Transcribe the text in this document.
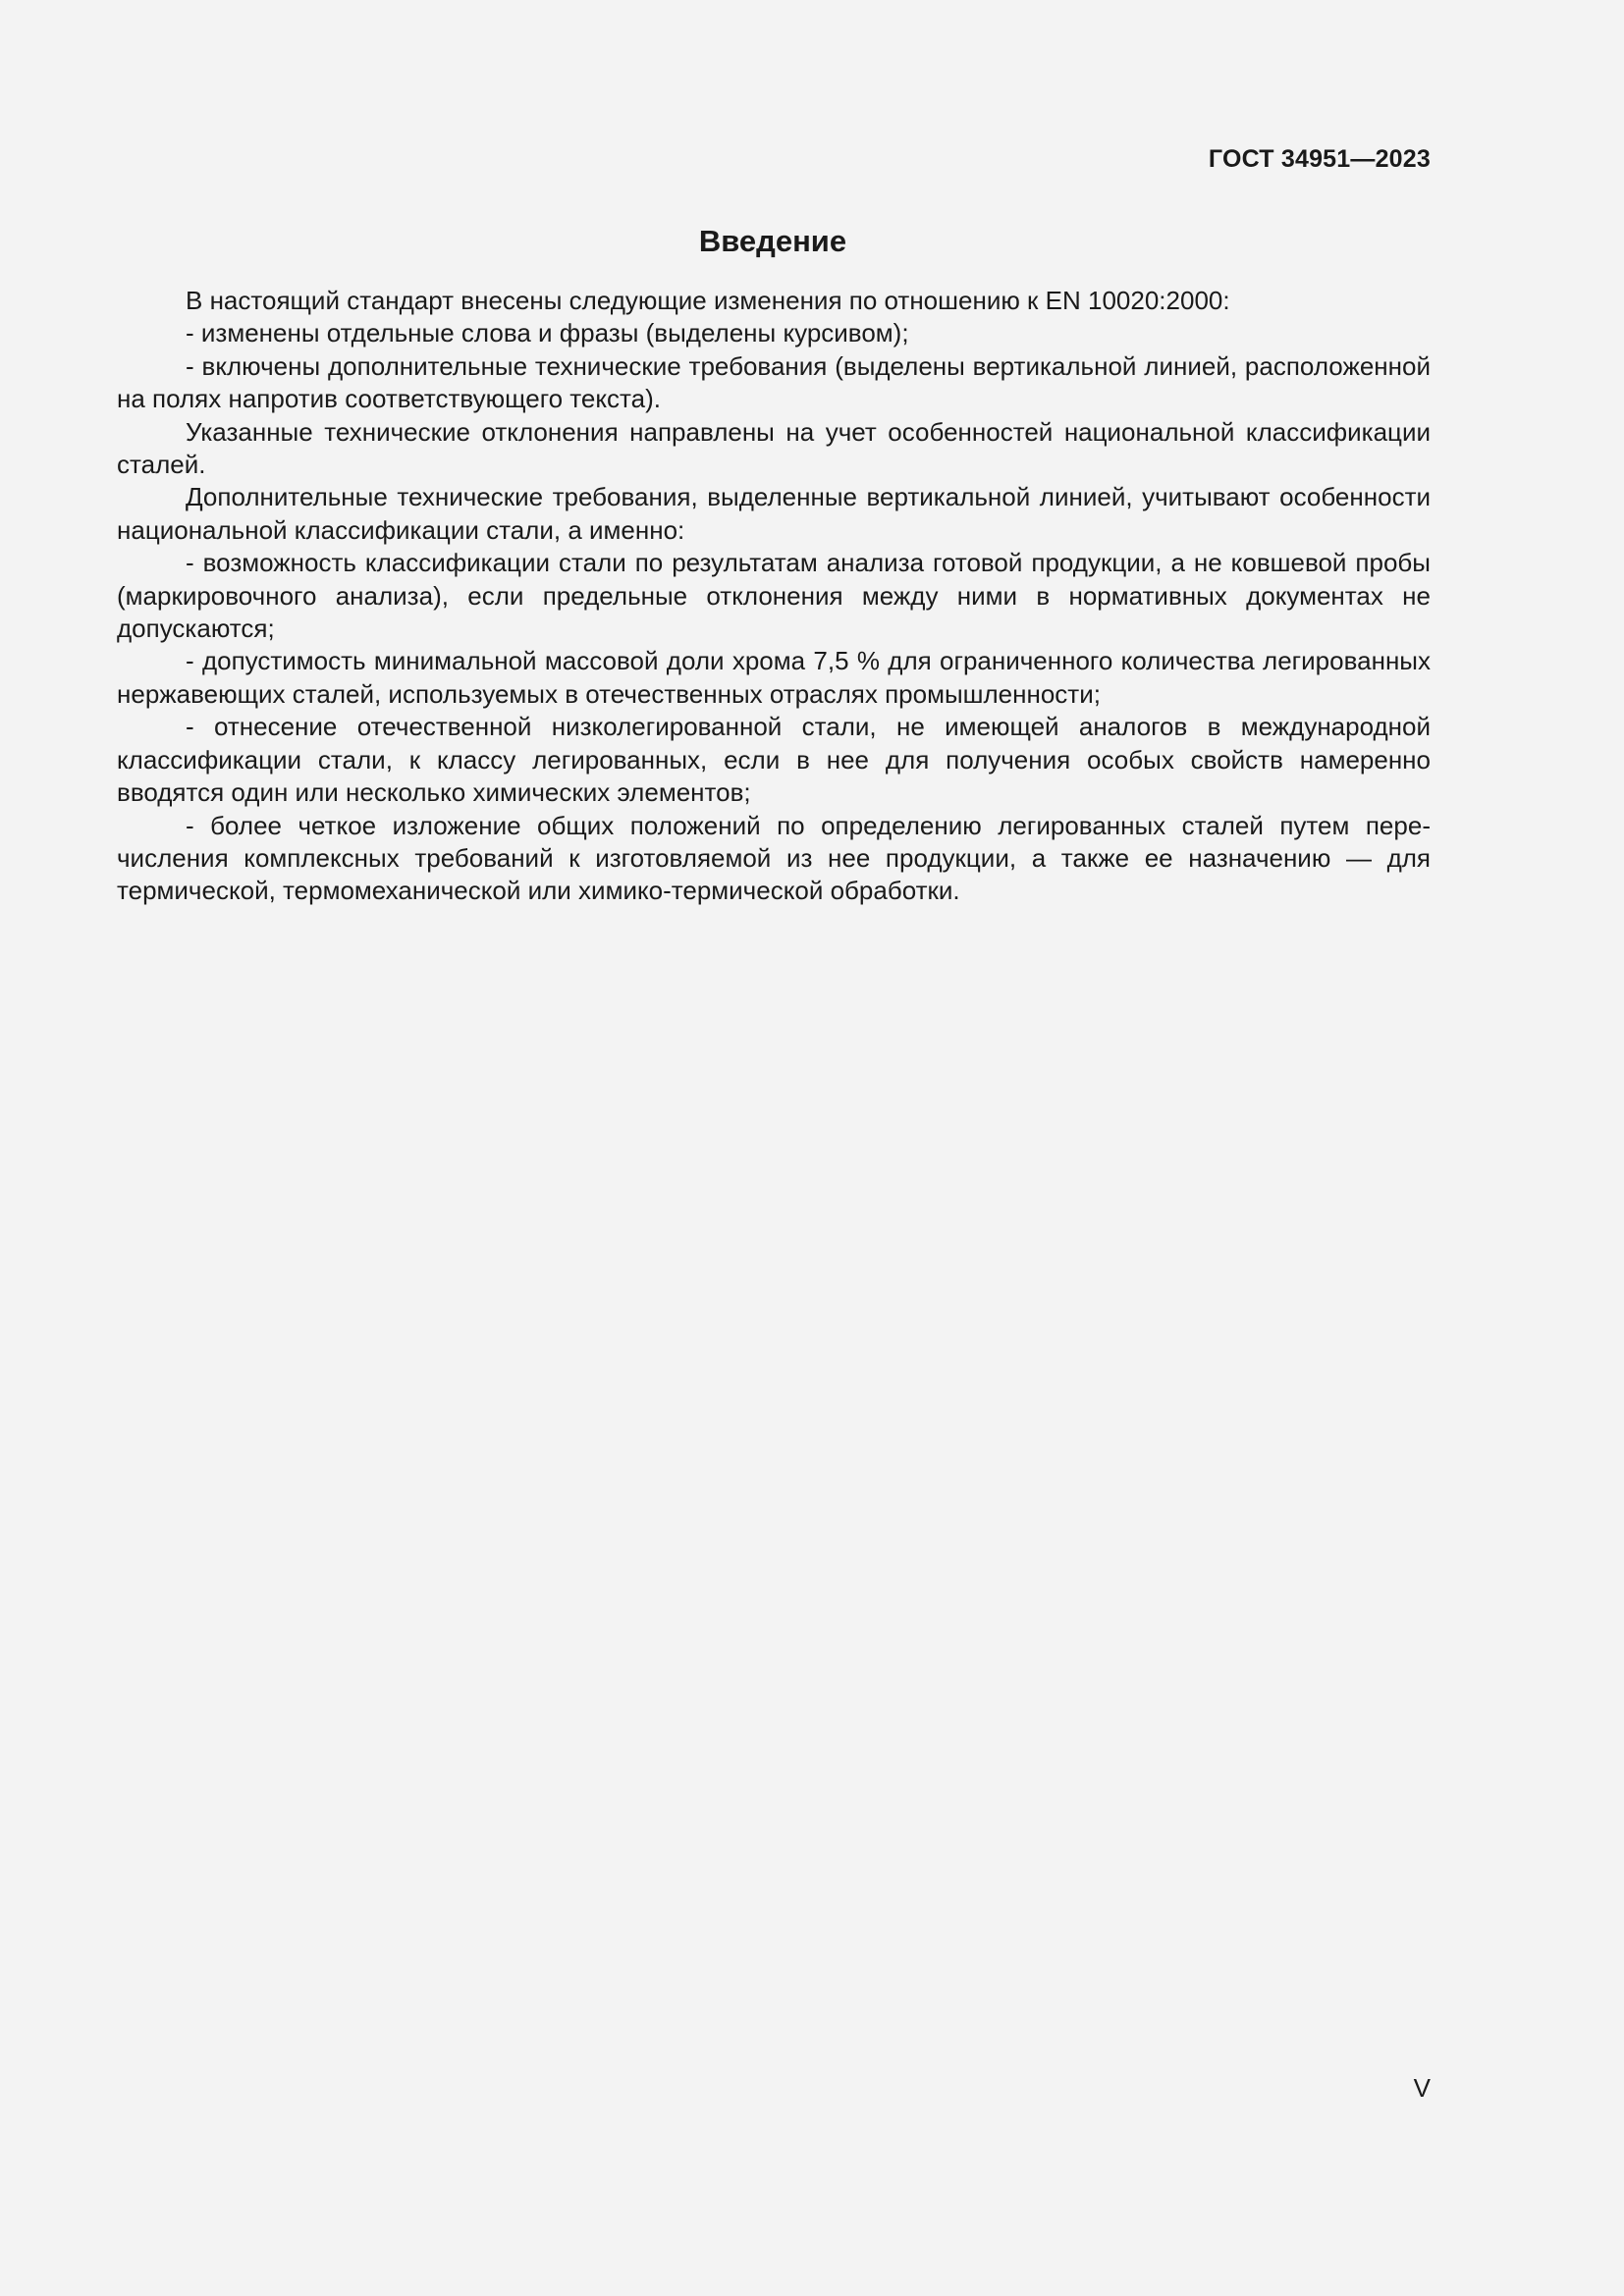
ГОСТ 34951—2023
Введение

В настоящий стандарт внесены следующие изменения по отношению к EN 10020:2000:

- изменены отдельные слова и фразы (выделены курсивом);

- включены дополнительные технические требования (выделены вертикальной линией, расположенной на полях напротив соответствующего текста).

Указанные технические отклонения направлены на учет особенностей национальной классификации сталей.

Дополнительные технические требования, выделенные вертикальной линией, учитывают особенности национальной классификации стали, а именно:

- возможность классификации стали по результатам анализа готовой продукции, а не ковшевой пробы (маркировочного анализа), если предельные отклонения между ними в нормативных документах не допускаются;

- допустимость минимальной массовой доли хрома 7,5 % для ограниченного количества легированных нержавеющих сталей, используемых в отечественных отраслях промышленности;

- отнесение отечественной низколегированной стали, не имеющей аналогов в международной классификации стали, к классу легированных, если в нее для получения особых свойств намеренно вводятся один или несколько химических элементов;

- более четкое изложение общих положений по определению легированных сталей путем перечисления комплексных требований к изготовляемой из нее продукции, а также ее назначению — для термической, термомеханической или химико-термической обработки.

V
